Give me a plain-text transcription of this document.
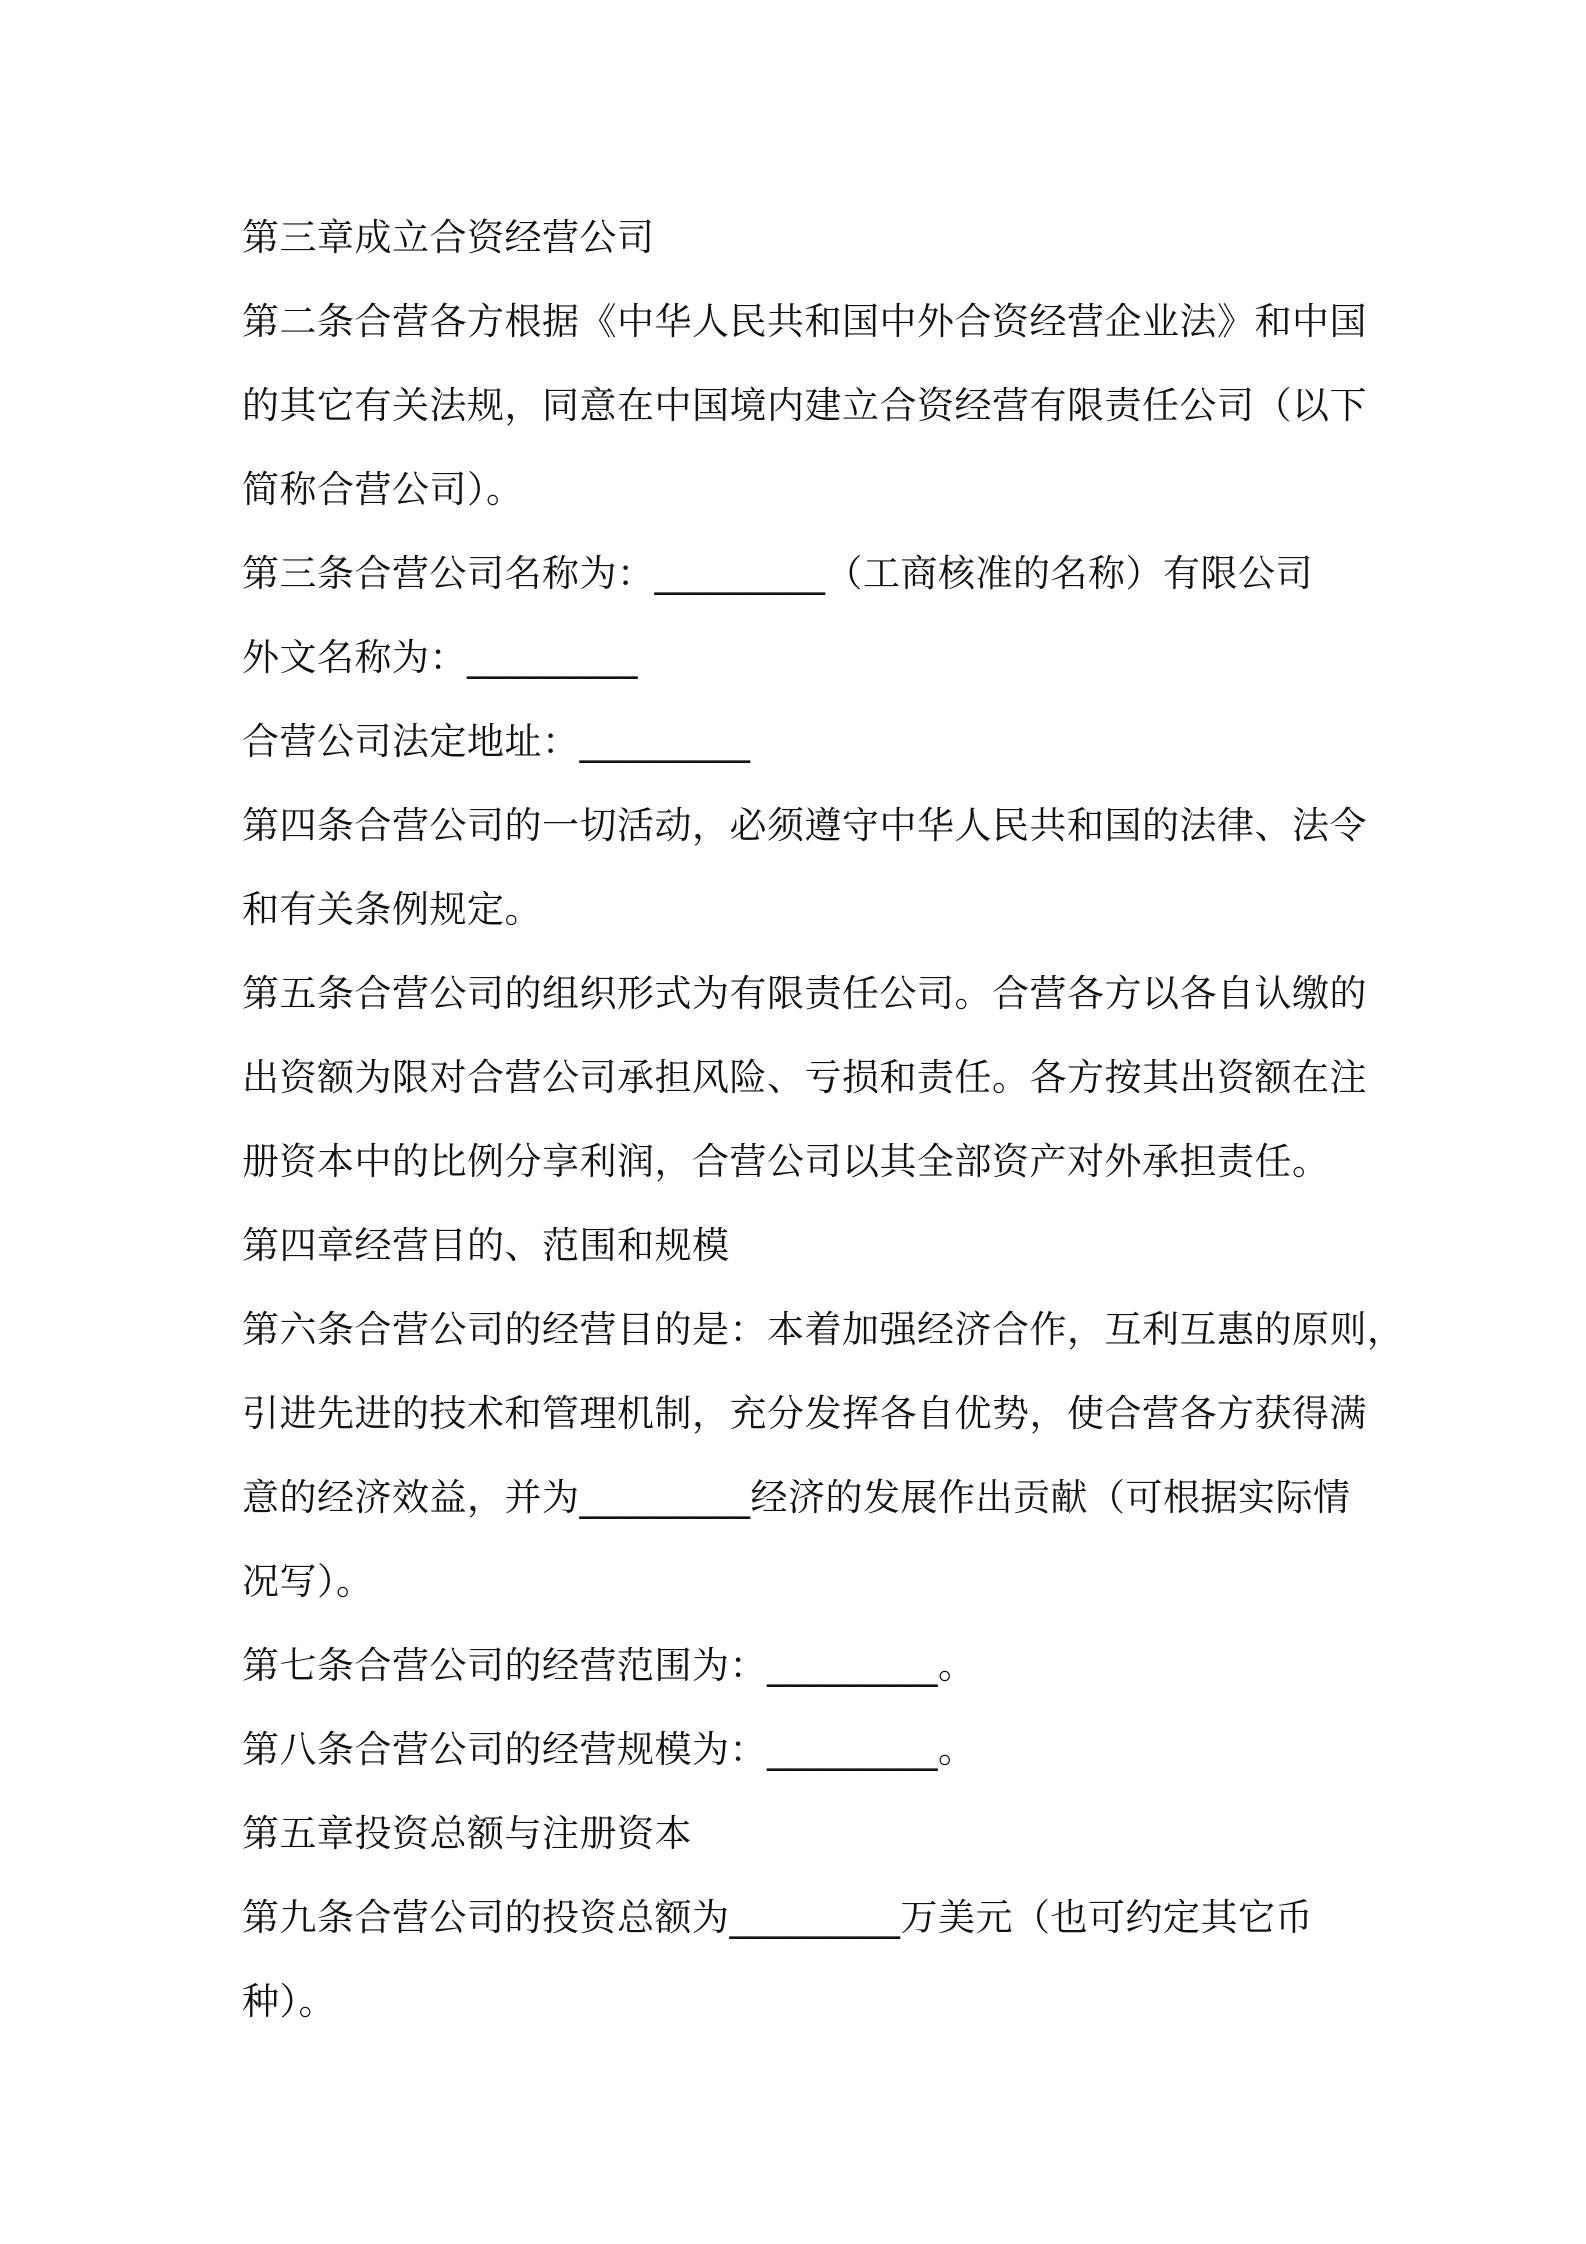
第三章成立合资经营公司
第二条合营各方根据《中华人民共和国中外合资经营企业法》和中国
的其它有关法规，同意在中国境内建立合资经营有限责任公司（以下
简称合营公司）。
第三条合营公司名称为：_________（工商核准的名称）有限公司
外文名称为：_________
合营公司法定地址：_________
第四条合营公司的一切活动，必须遵守中华人民共和国的法律、法令
和有关条例规定。
第五条合营公司的组织形式为有限责任公司。合营各方以各自认缴的
出资额为限对合营公司承担风险、亏损和责任。各方按其出资额在注
册资本中的比例分享利润，合营公司以其全部资产对外承担责任。
第四章经营目的、范围和规模
第六条合营公司的经营目的是：本着加强经济合作，互利互惠的原则，
引进先进的技术和管理机制，充分发挥各自优势，使合营各方获得满
意的经济效益，并为_________经济的发展作出贡献（可根据实际情
况写）。
第七条合营公司的经营范围为：_________。
第八条合营公司的经营规模为：_________。
第五章投资总额与注册资本
第九条合营公司的投资总额为_________万美元（也可约定其它币
种）。
